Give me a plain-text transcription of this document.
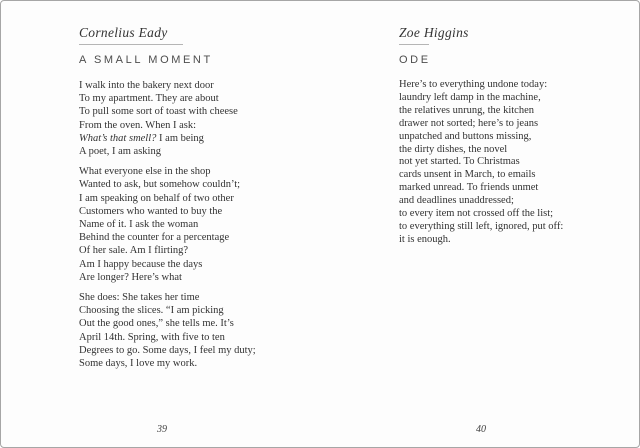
Cornelius Eady
A SMALL MOMENT
I walk into the bakery next door
To my apartment. They are about
To pull some sort of toast with cheese
From the oven. When I ask:
What’s that smell? I am being
A poet, I am asking
What everyone else in the shop
Wanted to ask, but somehow couldn’t;
I am speaking on behalf of two other
Customers who wanted to buy the
Name of it. I ask the woman
Behind the counter for a percentage
Of her sale. Am I flirting?
Am I happy because the days
Are longer? Here’s what
She does: She takes her time
Choosing the slices. “I am picking
Out the good ones,” she tells me. It’s
April 14th. Spring, with five to ten
Degrees to go. Some days, I feel my duty;
Some days, I love my work.
39
Zoe Higgins
ODE
Here’s to everything undone today:
laundry left damp in the machine,
the relatives unrung, the kitchen
drawer not sorted; here’s to jeans
unpatched and buttons missing,
the dirty dishes, the novel
not yet started. To Christmas
cards unsent in March, to emails
marked unread. To friends unmet
and deadlines unaddressed;
to every item not crossed off the list;
to everything still left, ignored, put off:
it is enough.
40
